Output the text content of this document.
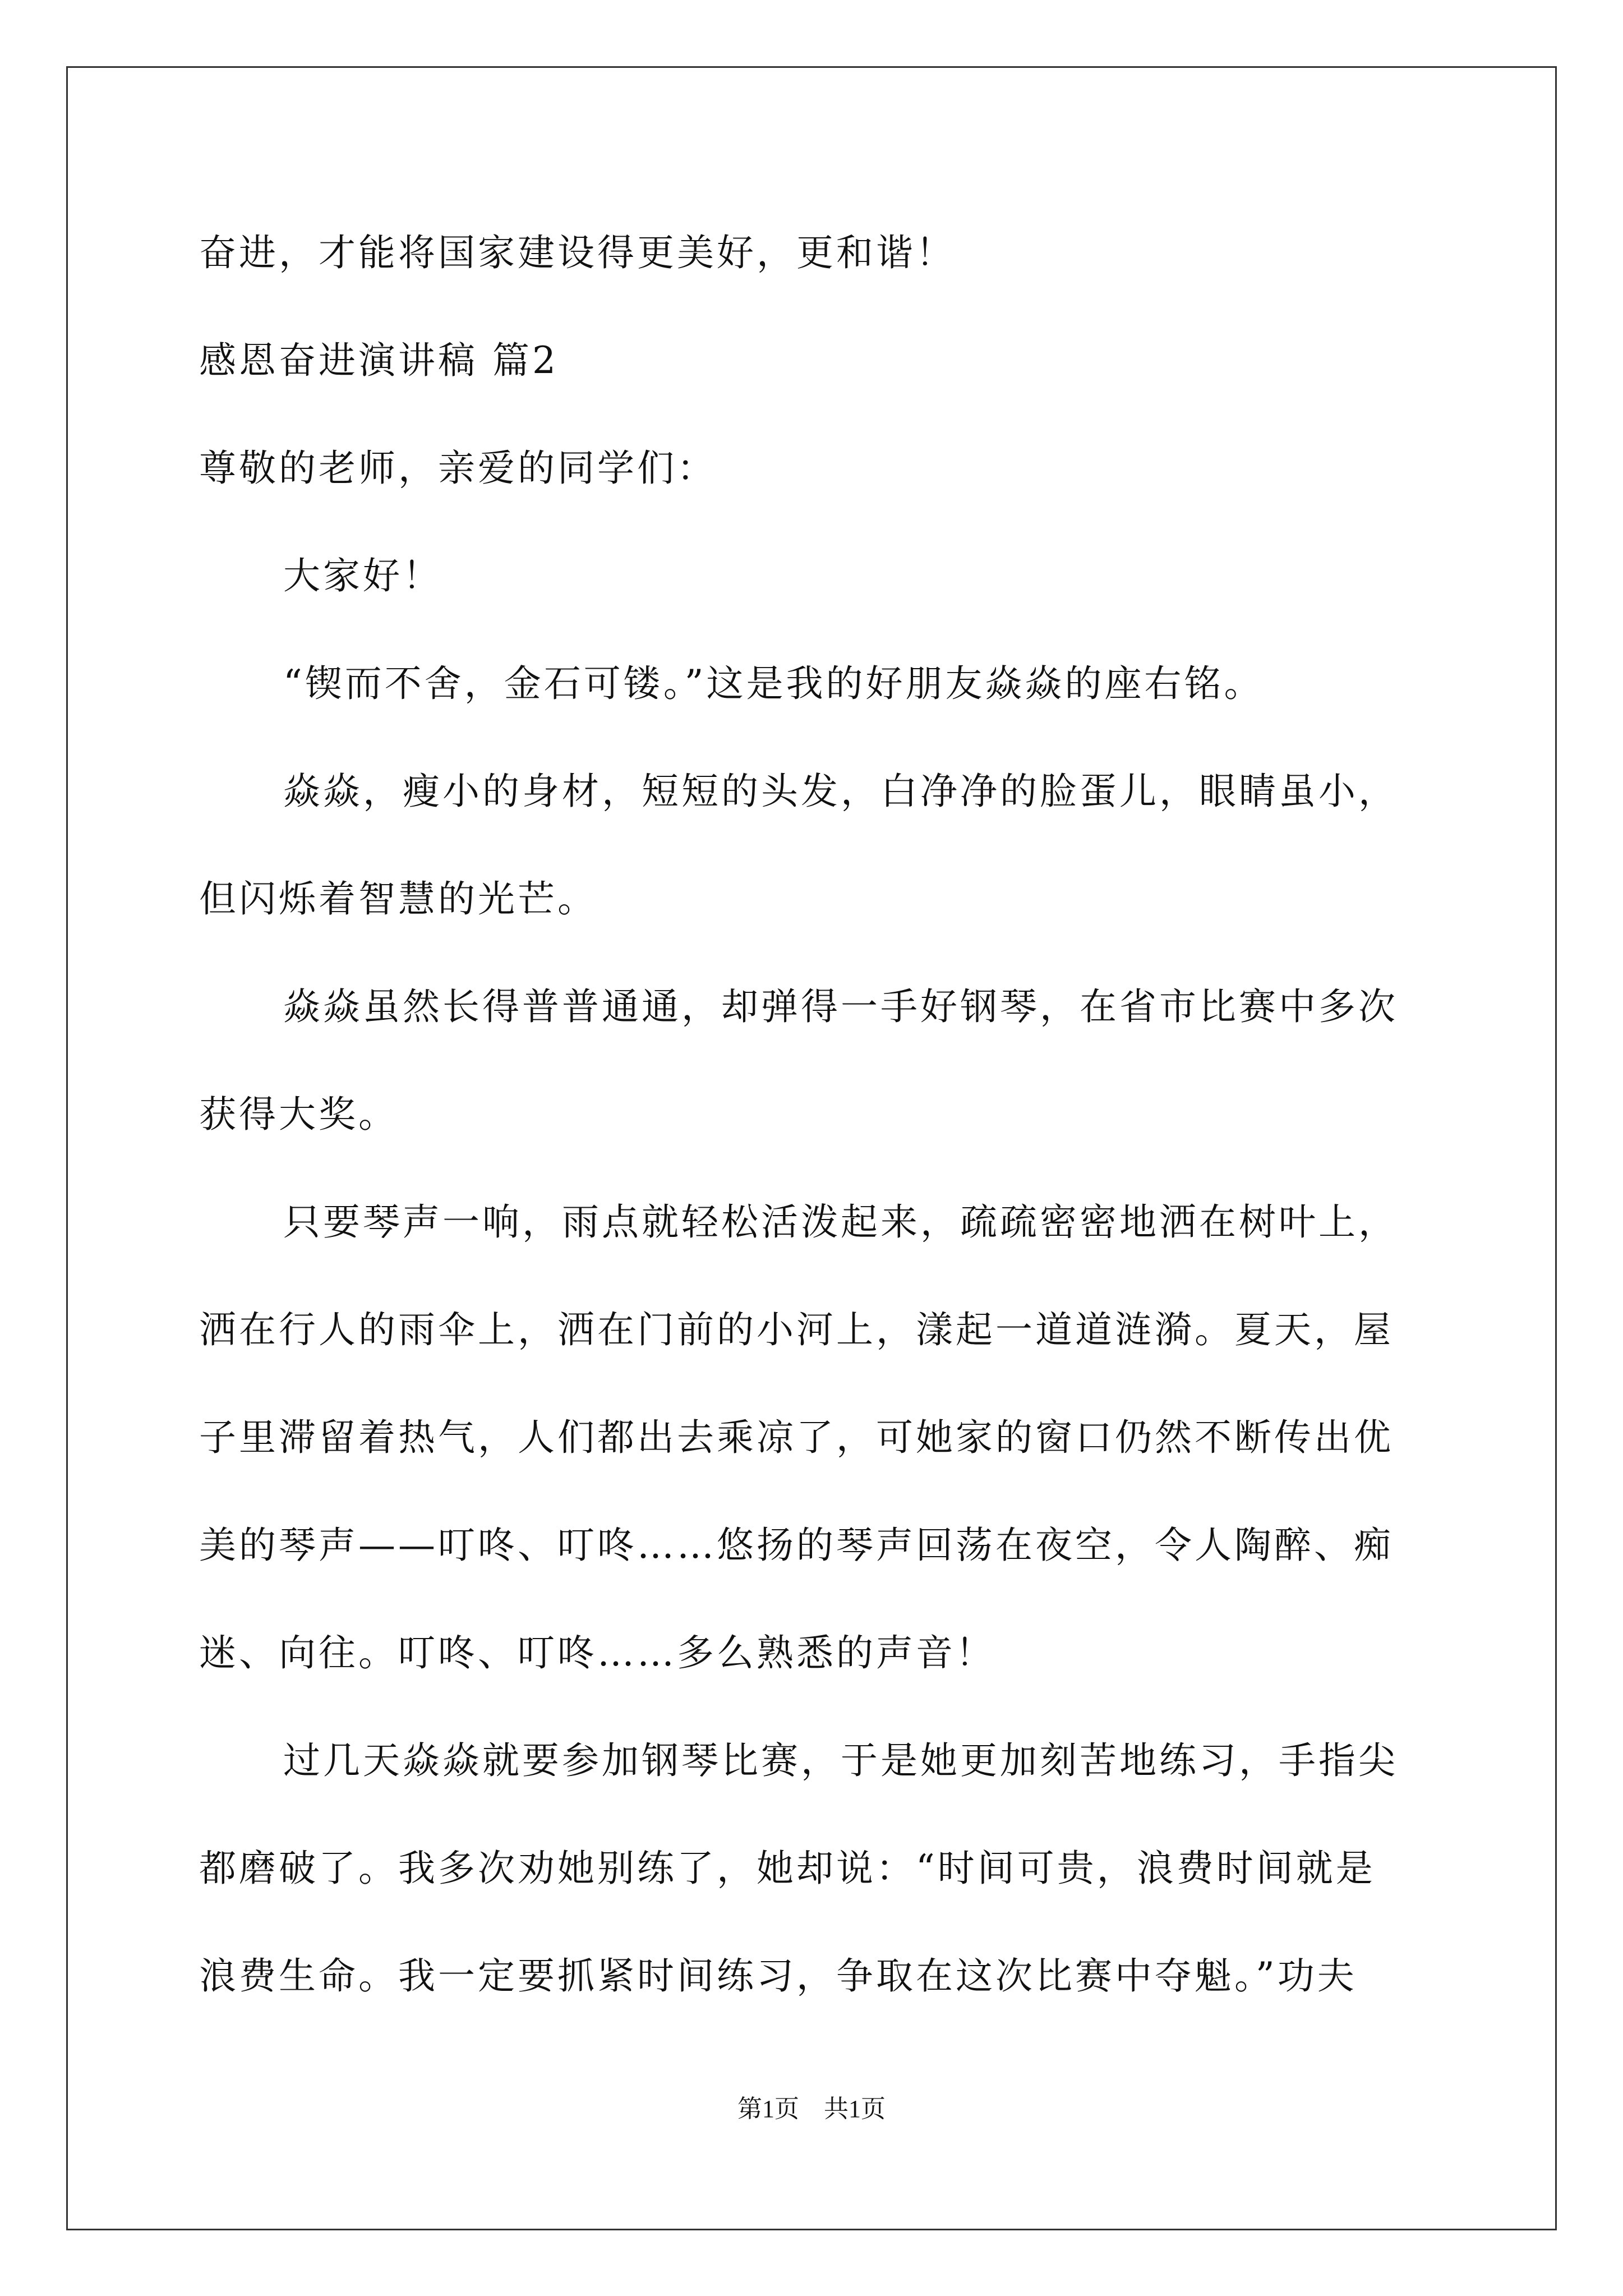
奋进，才能将国家建设得更美好，更和谐！
感恩奋进演讲稿 篇2
尊敬的老师，亲爱的同学们：
大家好！
“锲而不舍，金石可镂。”这是我的好朋友焱焱的座右铭。
焱焱，瘦小的身材，短短的头发，白净净的脸蛋儿，眼睛虽小，
但闪烁着智慧的光芒。
焱焱虽然长得普普通通，却弹得一手好钢琴，在省市比赛中多次
获得大奖。
只要琴声一响，雨点就轻松活泼起来，疏疏密密地洒在树叶上，
洒在行人的雨伞上，洒在门前的小河上，漾起一道道涟漪。夏天，屋
子里滞留着热气，人们都出去乘凉了，可她家的窗口仍然不断传出优
美的琴声——叮咚、叮咚……悠扬的琴声回荡在夜空，令人陶醉、痴
迷、向往。叮咚、叮咚……多么熟悉的声音！
过几天焱焱就要参加钢琴比赛，于是她更加刻苦地练习，手指尖
都磨破了。我多次劝她别练了，她却说：“时间可贵，浪费时间就是
浪费生命。我一定要抓紧时间练习，争取在这次比赛中夺魁。”功夫
第1页　共1页
